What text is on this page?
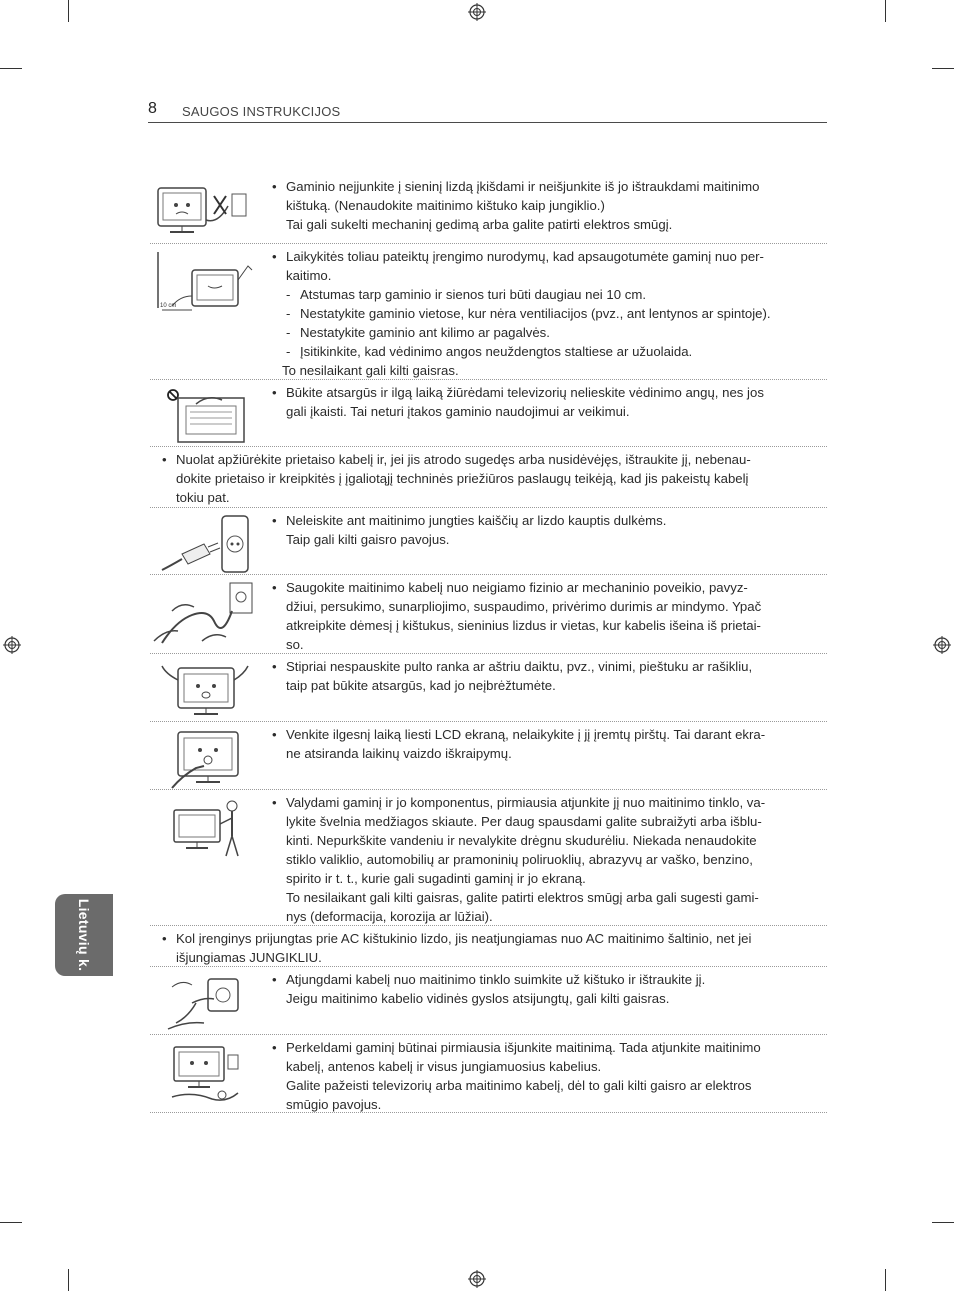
8 SAUGOS INSTRUKCIJOS
• Gaminio neįjunkite į sieninį lizdą įkišdami ir neišjunkite iš jo ištraukdami maitinimo
kištuką. (Nenaudokite maitinimo kištuko kaip jungiklio.)
Tai gali sukelti mechaninį gedimą arba galite patirti elektros smūgį.
10 cm
• Laikykitės toliau pateiktų įrengimo nurodymų, kad apsaugotumėte gaminį nuo per-
kaitimo.
- Atstumas tarp gaminio ir sienos turi būti daugiau nei 10 cm.
- Nestatykite gaminio vietose, kur nėra ventiliacijos (pvz., ant lentynos ar spintoje).
- Nestatykite gaminio ant kilimo ar pagalvės.
- Įsitikinkite, kad vėdinimo angos neuždengtos staltiese ar užuolaida.
To nesilaikant gali kilti gaisras.
• Būkite atsargūs ir ilgą laiką žiūrėdami televizorių nelieskite vėdinimo angų, nes jos
gali įkaisti. Tai neturi įtakos gaminio naudojimui ar veikimui.
• Nuolat apžiūrėkite prietaiso kabelį ir, jei jis atrodo sugedęs arba nusidėvėjęs, ištraukite jį, nebenau-
dokite prietaiso ir kreipkitės į įgaliotąjį techninės priežiūros paslaugų teikėją, kad jis pakeistų kabelį
tokiu pat.
• Neleiskite ant maitinimo jungties kaiščių ar lizdo kauptis dulkėms.
Taip gali kilti gaisro pavojus.
• Saugokite maitinimo kabelį nuo neigiamo fizinio ar mechaninio poveikio, pavyz-
džiui, persukimo, sunarpliojimo, suspaudimo, privėrimo durimis ar mindymo. Ypač
atkreipkite dėmesį į kištukus, sieninius lizdus ir vietas, kur kabelis išeina iš prietai-
so.
• Stipriai nespauskite pulto ranka ar aštriu daiktu, pvz., vinimi, pieštuku ar rašikliu,
taip pat būkite atsargūs, kad jo neįbrėžtumėte.
• Venkite ilgesnį laiką liesti LCD ekraną, nelaikykite į jį įremtų pirštų. Tai darant ekra-
ne atsiranda laikinų vaizdo iškraipymų.
• Valydami gaminį ir jo komponentus, pirmiausia atjunkite jį nuo maitinimo tinklo, va-
lykite švelnia medžiagos skiaute. Per daug spausdami galite subraižyti arba išblu-
kinti. Nepurkškite vandeniu ir nevalykite drėgnu skudurėliu. Niekada nenaudokite
stiklo valiklio, automobilių ar pramoninių poliruoklių, abrazyvų ar vaško, benzino,
spirito ir t. t., kurie gali sugadinti gaminį ir jo ekraną.
To nesilaikant gali kilti gaisras, galite patirti elektros smūgį arba gali sugesti gami-
nys (deformacija, korozija ar lūžiai).
• Kol įrenginys prijungtas prie AC kištukinio lizdo, jis neatjungiamas nuo AC maitinimo šaltinio, net jei
išjungiamas JUNGIKLIU.
• Atjungdami kabelį nuo maitinimo tinklo suimkite už kištuko ir ištraukite jį.
Jeigu maitinimo kabelio vidinės gyslos atsijungtų, gali kilti gaisras.
• Perkeldami gaminį būtinai pirmiausia išjunkite maitinimą. Tada atjunkite maitinimo
kabelį, antenos kabelį ir visus jungiamuosius kabelius.
Galite pažeisti televizorių arba maitinimo kabelį, dėl to gali kilti gaisro ar elektros
smūgio pavojus.
Lietuvių k.
